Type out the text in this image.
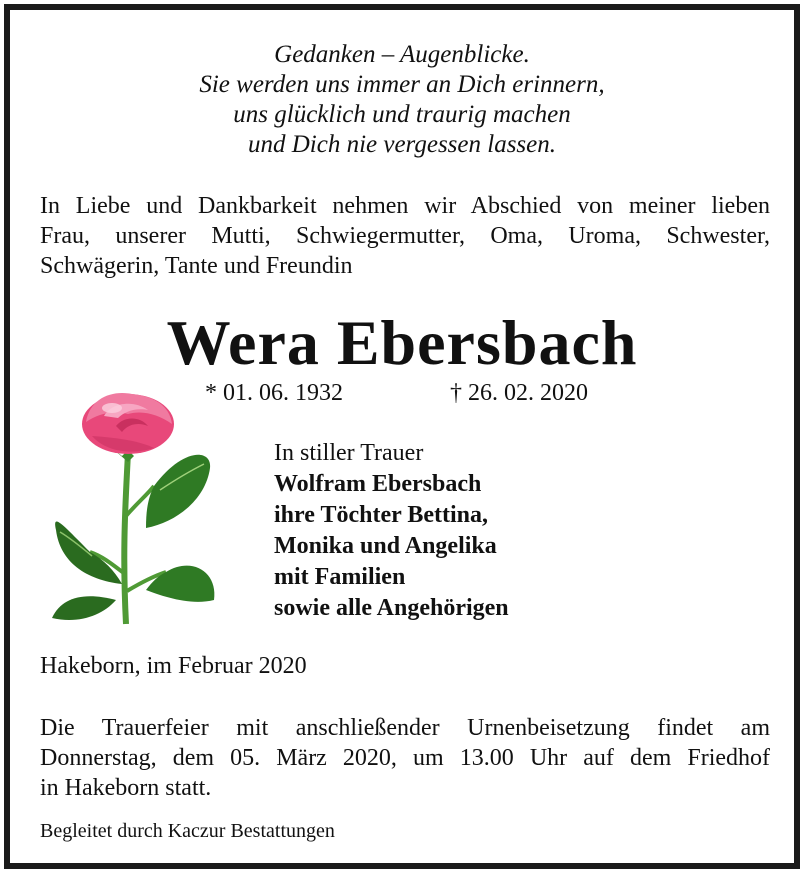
Gedanken – Augenblicke.
Sie werden uns immer an Dich erinnern,
uns glücklich und traurig machen
und Dich nie vergessen lassen.
In Liebe und Dankbarkeit nehmen wir Abschied von meiner lieben
Frau, unserer Mutti, Schwiegermutter, Oma, Uroma, Schwester,
Schwägerin, Tante und Freundin
Wera Ebersbach
* 01. 06. 1932	† 26. 02. 2020
In stiller Trauer
Wolfram Ebersbach
ihre Töchter Bettina,
Monika und Angelika
mit Familien
sowie alle Angehörigen
Hakeborn, im Februar 2020
Die Trauerfeier mit anschließender Urnenbeisetzung findet am
Donnerstag, dem 05. März 2020, um 13.00 Uhr auf dem Friedhof
in Hakeborn statt.
Begleitet durch Kaczur Bestattungen
